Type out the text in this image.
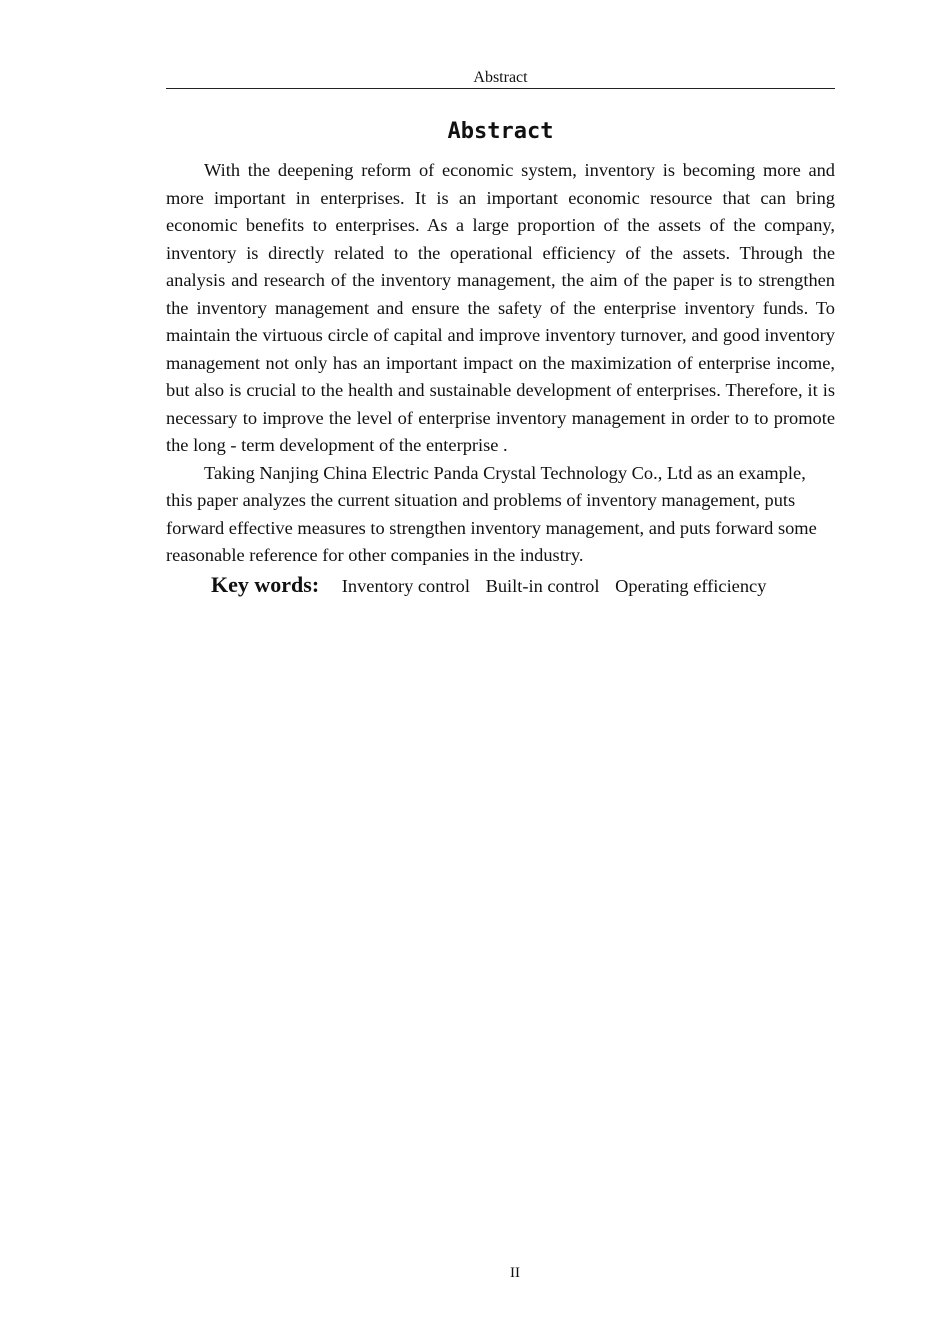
Abstract
Abstract

With the deepening reform of economic system, inventory is becoming more and more important in enterprises. It is an important economic resource that can bring economic benefits to enterprises. As a large proportion of the assets of the company, inventory is directly related to the operational efficiency of the assets. Through the analysis and research of the inventory management, the aim of the paper is to strengthen the inventory management and ensure the safety of the enterprise inventory funds. To maintain the virtuous circle of capital and improve inventory turnover, and good inventory management not only has an important impact on the maximization of enterprise income, but also is crucial to the health and sustainable development of enterprises. Therefore, it is necessary to improve the level of enterprise inventory management in order to to promote the long - term development of the enterprise .

Taking Nanjing China Electric Panda Crystal Technology Co., Ltd as an example, this paper analyzes the current situation and problems of inventory management, puts forward effective measures to strengthen inventory management, and puts forward some reasonable reference for other companies in the industry.

Key words: Inventory control Built-in control Operating efficiency
II
